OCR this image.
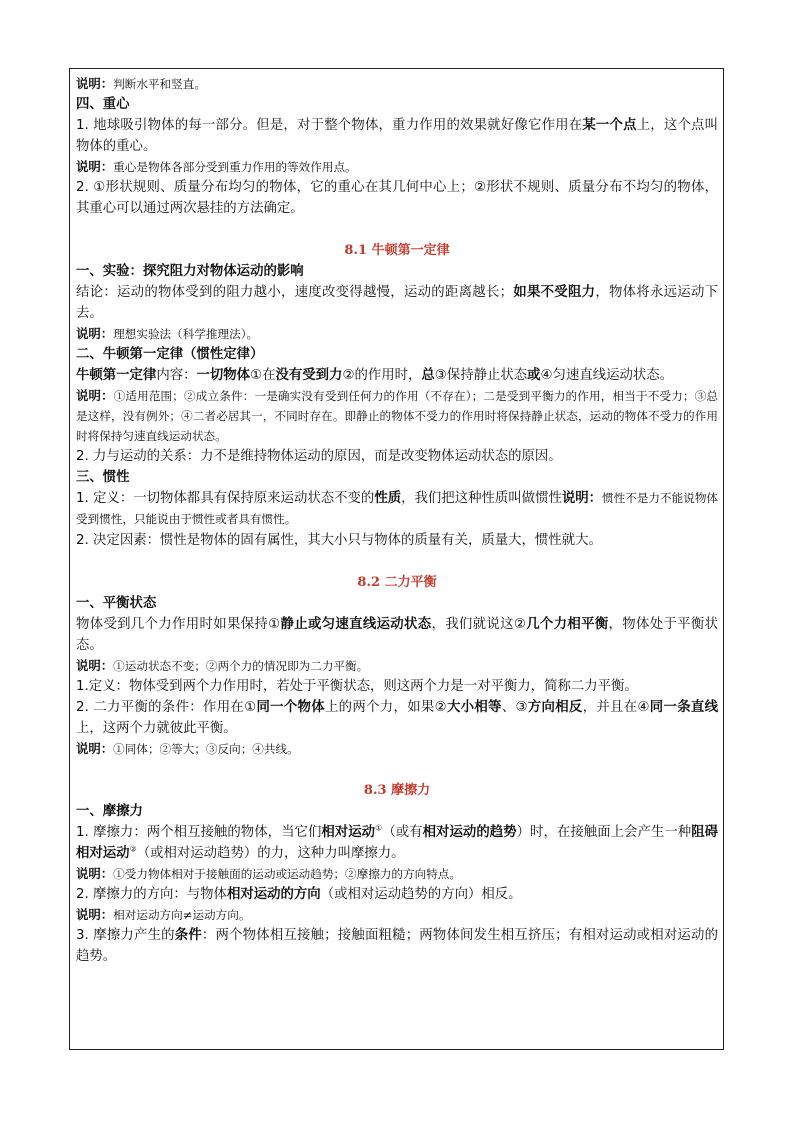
说明：判断水平和竖直。

四、重心

1. 地球吸引物体的每一部分。但是，对于整个物体，重力作用的效果就好像它作用在某一个点上，这个点叫物体的重心。

说明：重心是物体各部分受到重力作用的等效作用点。

2. ①形状规则、质量分布均匀的物体，它的重心在其几何中心上；②形状不规则、质量分布不均匀的物体，其重心可以通过两次悬挂的方法确定。

8.1 牛顿第一定律

一、实验：探究阻力对物体运动的影响

结论：运动的物体受到的阻力越小，速度改变得越慢，运动的距离越长；如果不受阻力，物体将永远运动下去。

说明：理想实验法（科学推理法）。

二、牛顿第一定律（惯性定律）

牛顿第一定律内容：一切物体①在没有受到力②的作用时，总③保持静止状态或④匀速直线运动状态。

说明：①适用范围；②成立条件：一是确实没有受到任何力的作用（不存在）；二是受到平衡力的作用，相当于不受力；③总是这样，没有例外；④二者必居其一，不同时存在。即静止的物体不受力的作用时将保持静止状态，运动的物体不受力的作用时将保持匀速直线运动状态。

2. 力与运动的关系：力不是维持物体运动的原因，而是改变物体运动状态的原因。

三、惯性

1. 定义：一切物体都具有保持原来运动状态不变的性质，我们把这种性质叫做惯性说明：惯性不是力不能说物体受到惯性，只能说由于惯性或者具有惯性。

2. 决定因素：惯性是物体的固有属性，其大小只与物体的质量有关，质量大，惯性就大。

8.2 二力平衡

一、平衡状态

物体受到几个力作用时如果保持①静止或匀速直线运动状态，我们就说这②几个力相平衡，物体处于平衡状态。

说明：①运动状态不变；②两个力的情况即为二力平衡。

1.定义：物体受到两个力作用时，若处于平衡状态，则这两个力是一对平衡力，简称二力平衡。

2. 二力平衡的条件：作用在①同一个物体上的两个力，如果②大小相等、③方向相反，并且在④同一条直线上，这两个力就彼此平衡。

说明：①同体；②等大；③反向；④共线。

8.3 摩擦力

一、摩擦力

1. 摩擦力：两个相互接触的物体，当它们相对运动①（或有相对运动的趋势）时，在接触面上会产生一种阻碍相对运动②（或相对运动趋势）的力，这种力叫摩擦力。

说明：①受力物体相对于接触面的运动或运动趋势；②摩擦力的方向特点。

2. 摩擦力的方向：与物体相对运动的方向（或相对运动趋势的方向）相反。

说明：相对运动方向≠运动方向。

3. 摩擦力产生的条件：两个物体相互接触；接触面粗糙；两物体间发生相互挤压；有相对运动或相对运动的趋势。
